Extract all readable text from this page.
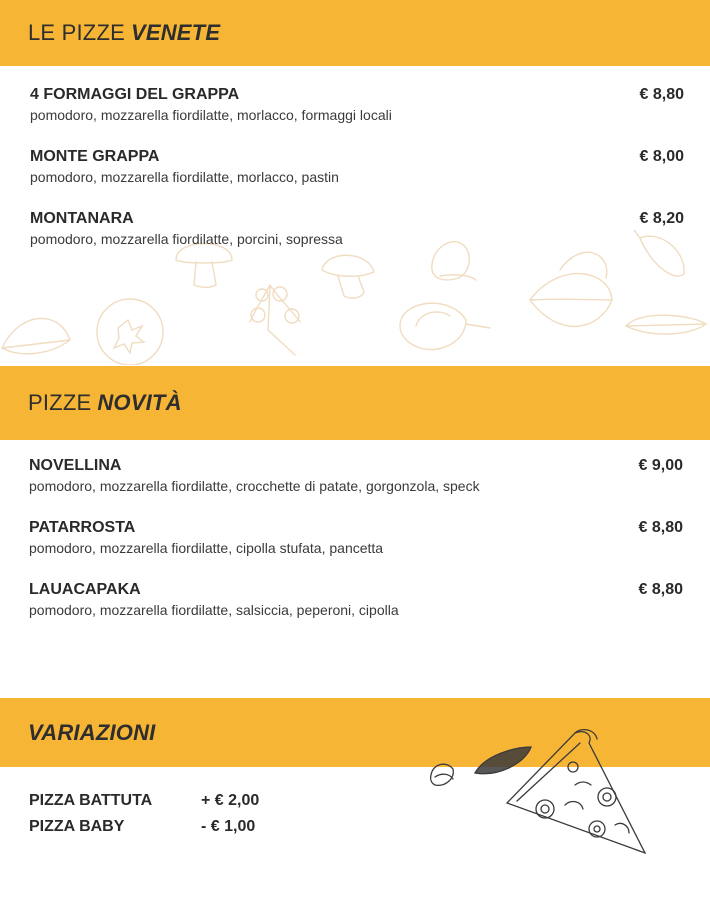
LE PIZZE VENETE
4 FORMAGGI DEL GRAPPA
pomodoro, mozzarella fiordilatte, morlacco, formaggi locali
€ 8,80
MONTE GRAPPA
pomodoro, mozzarella fiordilatte, morlacco, pastin
€ 8,00
MONTANARA
pomodoro, mozzarella fiordilatte, porcini, sopressa
€ 8,20
PIZZE NOVITÀ
NOVELLINA
pomodoro, mozzarella fiordilatte, crocchette di patate, gorgonzola, speck
€ 9,00
PATARROSTA
pomodoro, mozzarella fiordilatte, cipolla stufata, pancetta
€ 8,80
LAUACAPAKA
pomodoro, mozzarella fiordilatte, salsiccia, peperoni, cipolla
€ 8,80
VARIAZIONI
PIZZA BATTUTA	+ € 2,00
PIZZA BABY	- € 1,00
